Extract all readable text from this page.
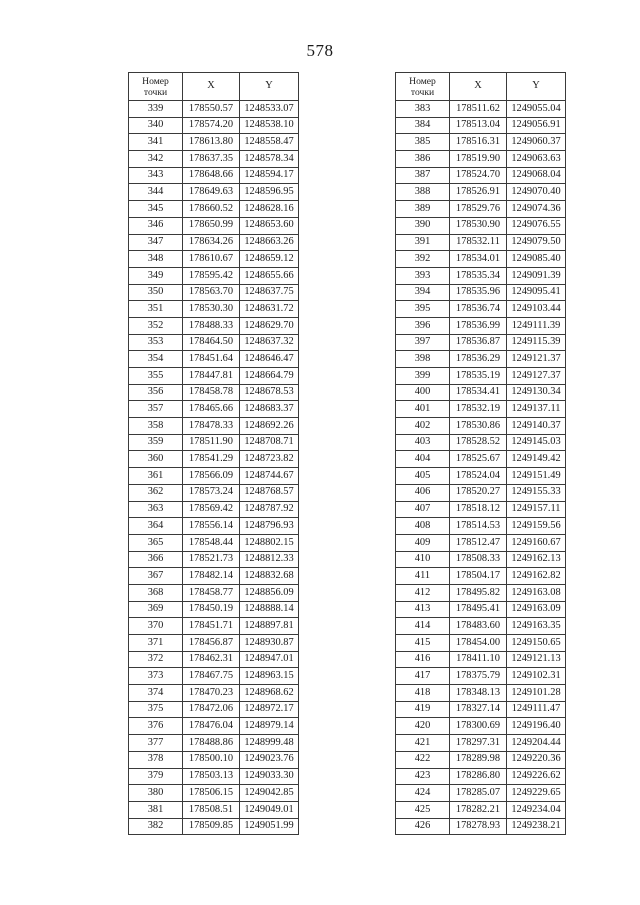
578
Номер
точки	X	Y
339	178550.57	1248533.07
340	178574.20	1248538.10
341	178613.80	1248558.47
342	178637.35	1248578.34
343	178648.66	1248594.17
344	178649.63	1248596.95
345	178660.52	1248628.16
346	178650.99	1248653.60
347	178634.26	1248663.26
348	178610.67	1248659.12
349	178595.42	1248655.66
350	178563.70	1248637.75
351	178530.30	1248631.72
352	178488.33	1248629.70
353	178464.50	1248637.32
354	178451.64	1248646.47
355	178447.81	1248664.79
356	178458.78	1248678.53
357	178465.66	1248683.37
358	178478.33	1248692.26
359	178511.90	1248708.71
360	178541.29	1248723.82
361	178566.09	1248744.67
362	178573.24	1248768.57
363	178569.42	1248787.92
364	178556.14	1248796.93
365	178548.44	1248802.15
366	178521.73	1248812.33
367	178482.14	1248832.68
368	178458.77	1248856.09
369	178450.19	1248888.14
370	178451.71	1248897.81
371	178456.87	1248930.87
372	178462.31	1248947.01
373	178467.75	1248963.15
374	178470.23	1248968.62
375	178472.06	1248972.17
376	178476.04	1248979.14
377	178488.86	1248999.48
378	178500.10	1249023.76
379	178503.13	1249033.30
380	178506.15	1249042.85
381	178508.51	1249049.01
382	178509.85	1249051.99
Номер
точки	X	Y
383	178511.62	1249055.04
384	178513.04	1249056.91
385	178516.31	1249060.37
386	178519.90	1249063.63
387	178524.70	1249068.04
388	178526.91	1249070.40
389	178529.76	1249074.36
390	178530.90	1249076.55
391	178532.11	1249079.50
392	178534.01	1249085.40
393	178535.34	1249091.39
394	178535.96	1249095.41
395	178536.74	1249103.44
396	178536.99	1249111.39
397	178536.87	1249115.39
398	178536.29	1249121.37
399	178535.19	1249127.37
400	178534.41	1249130.34
401	178532.19	1249137.11
402	178530.86	1249140.37
403	178528.52	1249145.03
404	178525.67	1249149.42
405	178524.04	1249151.49
406	178520.27	1249155.33
407	178518.12	1249157.11
408	178514.53	1249159.56
409	178512.47	1249160.67
410	178508.33	1249162.13
411	178504.17	1249162.82
412	178495.82	1249163.08
413	178495.41	1249163.09
414	178483.60	1249163.35
415	178454.00	1249150.65
416	178411.10	1249121.13
417	178375.79	1249102.31
418	178348.13	1249101.28
419	178327.14	1249111.47
420	178300.69	1249196.40
421	178297.31	1249204.44
422	178289.98	1249220.36
423	178286.80	1249226.62
424	178285.07	1249229.65
425	178282.21	1249234.04
426	178278.93	1249238.21
